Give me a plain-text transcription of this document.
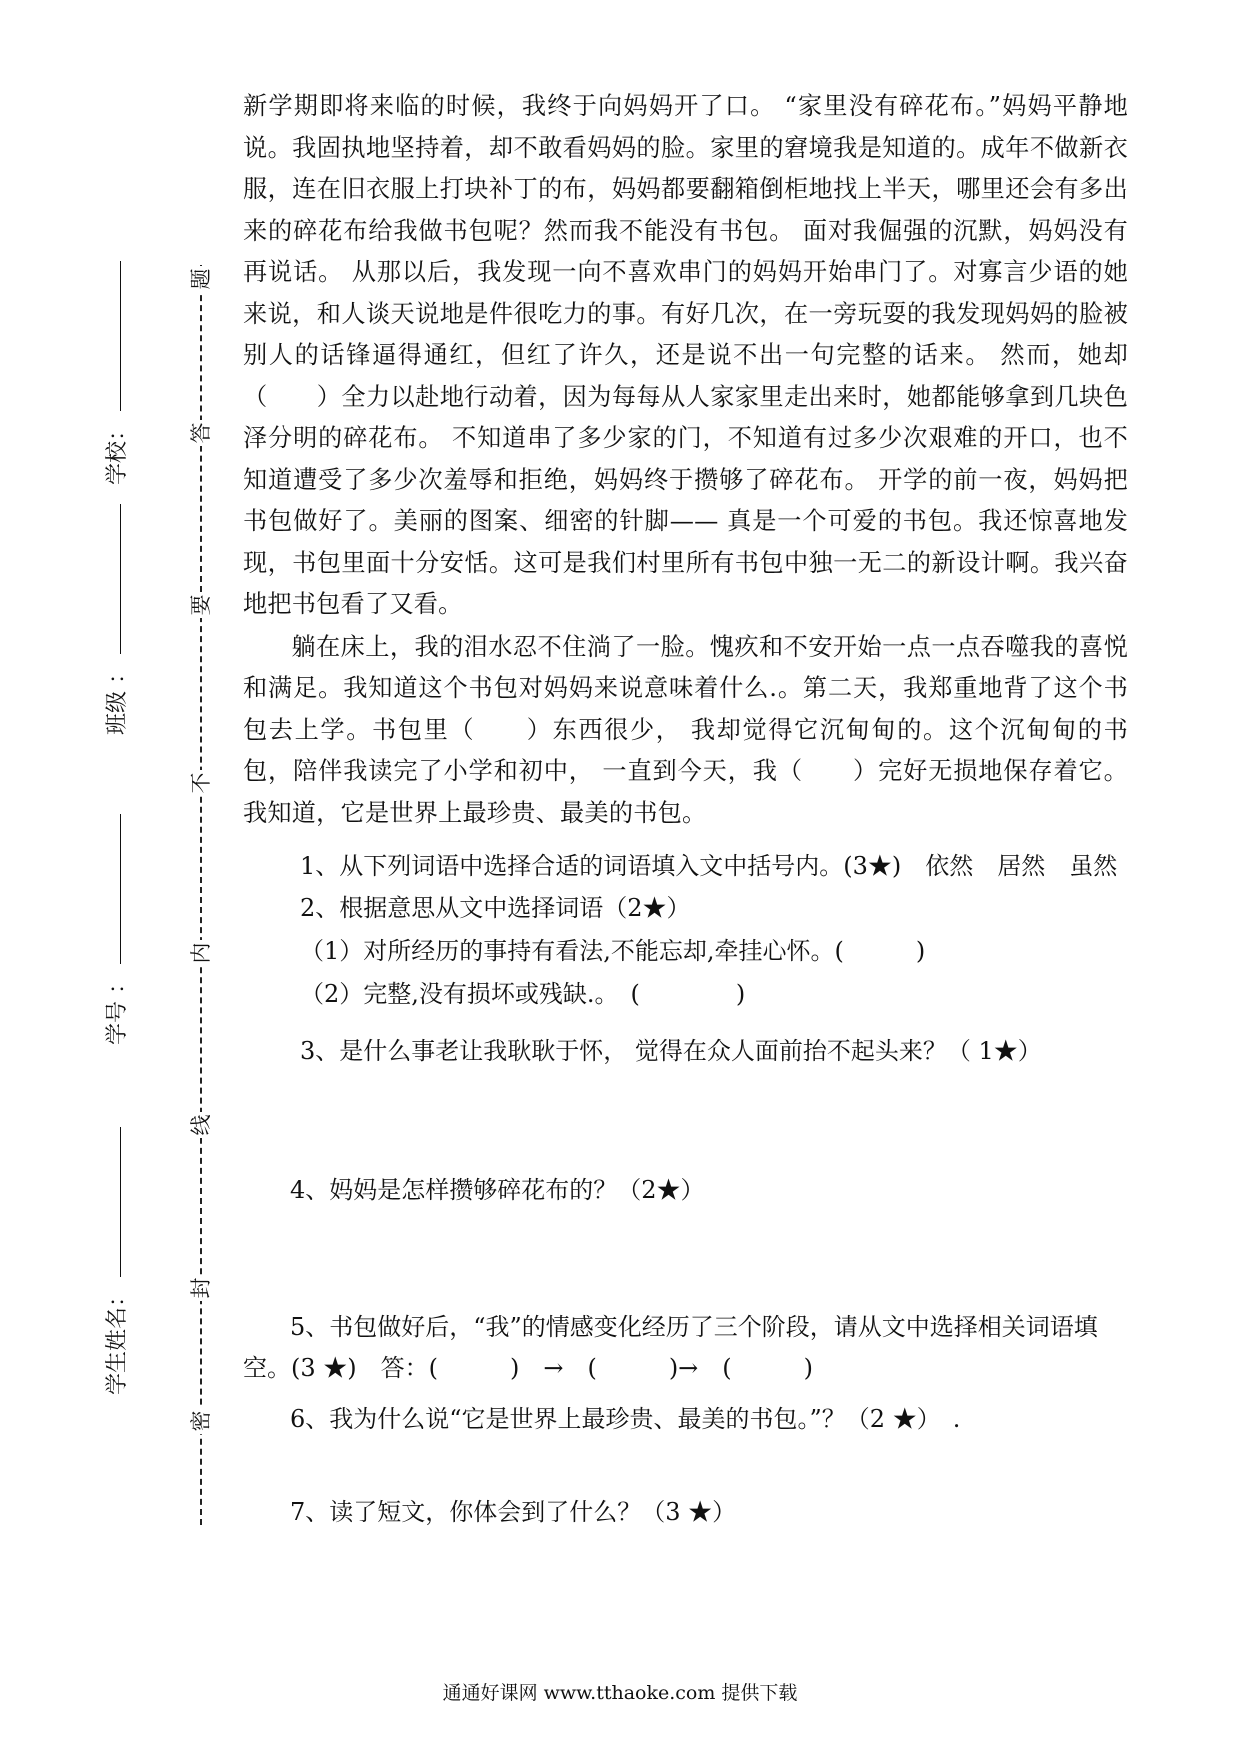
学校：
班级 ：
学号 ：
学生姓名：
题
答
要
不
内
线
封
密

新学期即将来临的时候，我终于向妈妈开了口。 “家里没有碎花布。”妈妈平静地说。我固执地坚持着，却不敢看妈妈的脸。家里的窘境我是知道的。成年不做新衣服，连在旧衣服上打块补丁的布，妈妈都要翻箱倒柜地找上半天，哪里还会有多出来的碎花布给我做书包呢？然而我不能没有书包。 面对我倔强的沉默，妈妈没有再说话。 从那以后，我发现一向不喜欢串门的妈妈开始串门了。对寡言少语的她来说，和人谈天说地是件很吃力的事。有好几次，在一旁玩耍的我发现妈妈的脸被别人的话锋逼得通红，但红了许久，还是说不出一句完整的话来。 然而，她却（　　）全力以赴地行动着，因为每每从人家家里走出来时，她都能够拿到几块色泽分明的碎花布。 不知道串了多少家的门，不知道有过多少次艰难的开口，也不知道遭受了多少次羞辱和拒绝，妈妈终于攒够了碎花布。 开学的前一夜，妈妈把书包做好了。美丽的图案、细密的针脚—— 真是一个可爱的书包。我还惊喜地发现，书包里面十分安恬。这可是我们村里所有书包中独一无二的新设计啊。我兴奋地把书包看了又看。

躺在床上，我的泪水忍不住淌了一脸。愧疚和不安开始一点一点吞噬我的喜悦和满足。我知道这个书包对妈妈来说意味着什么.。第二天，我郑重地背了这个书包去上学。书包里（　　）东西很少， 我却觉得它沉甸甸的。这个沉甸甸的书包，陪伴我读完了小学和初中， 一直到今天，我（　　）完好无损地保存着它。 我知道，它是世界上最珍贵、最美的书包。

1、从下列词语中选择合适的词语填入文中括号内。(3★)　依然　居然　虽然
2、根据意思从文中选择词语（2★）
（1）对所经历的事持有看法,不能忘却,牵挂心怀。(　　　)
（2）完整,没有损坏或残缺.。　(　　　　)
3、是什么事老让我耿耿于怀， 觉得在众人面前抬不起头来？（ 1★）
4、妈妈是怎样攒够碎花布的？（2★）
5、书包做好后，“我”的情感变化经历了三个阶段，请从文中选择相关词语填空。(3 ★)　答：(　　　)　→　(　　　)→　(　　　)
6、我为什么说“它是世界上最珍贵、最美的书包。”？（2 ★）　.
7、读了短文，你体会到了什么？（3 ★）
通通好课网 www.tthaoke.com 提供下载
